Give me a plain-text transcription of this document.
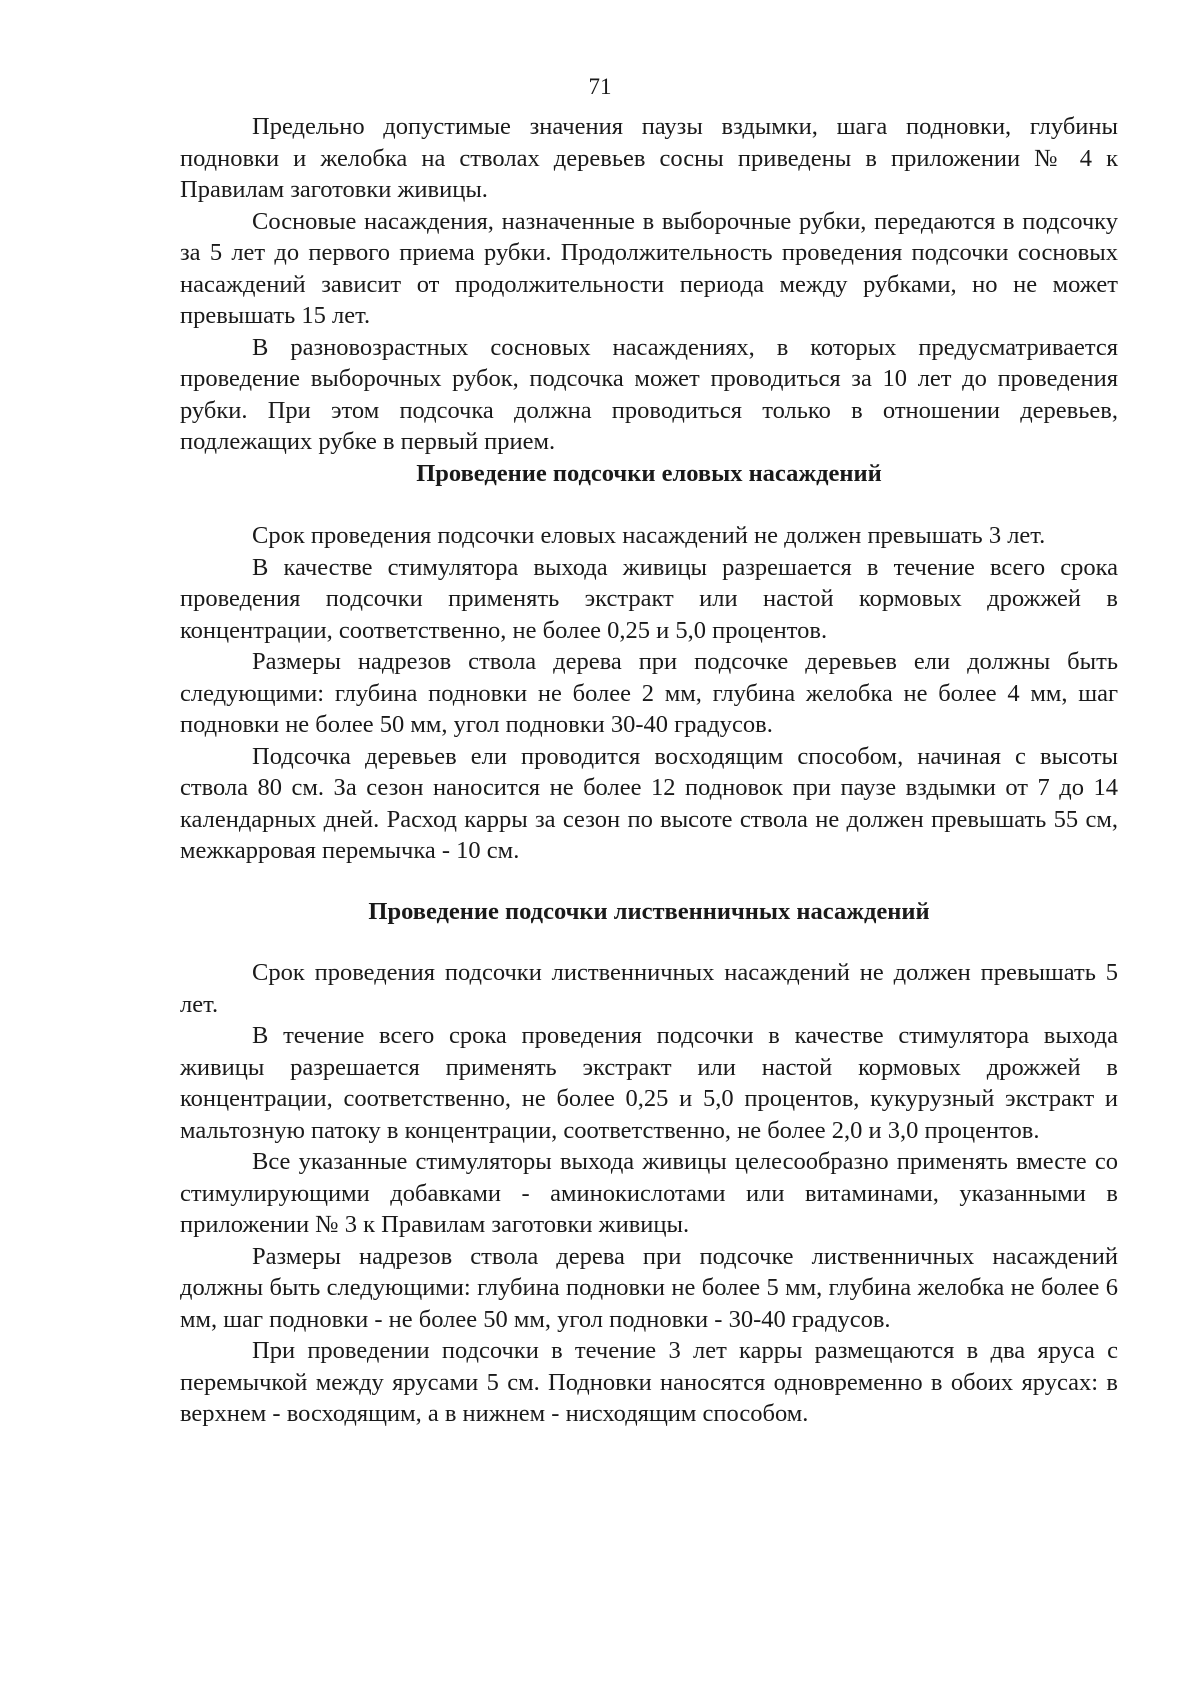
71

Предельно допустимые значения паузы вздымки, шага подновки, глубины подновки и желобка на стволах деревьев сосны приведены в приложении № 4 к Правилам заготовки живицы.

Сосновые насаждения, назначенные в выборочные рубки, передаются в подсочку за 5 лет до первого приема рубки. Продолжительность проведения подсочки сосновых насаждений зависит от продолжительности периода между рубками, но не может превышать 15 лет.

В разновозрастных сосновых насаждениях, в которых предусматривается проведение выборочных рубок, подсочка может проводиться за 10 лет до проведения рубки. При этом подсочка должна проводиться только в отношении деревьев, подлежащих рубке в первый прием.

Проведение подсочки еловых насаждений

Срок проведения подсочки еловых насаждений не должен превышать 3 лет.

В качестве стимулятора выхода живицы разрешается в течение всего срока проведения подсочки применять экстракт или настой кормовых дрожжей в концентрации, соответственно, не более 0,25 и 5,0 процентов.

Размеры надрезов ствола дерева при подсочке деревьев ели должны быть следующими: глубина подновки не более 2 мм, глубина желобка не более 4 мм, шаг подновки не более 50 мм, угол подновки 30-40 градусов.

Подсочка деревьев ели проводится восходящим способом, начиная с высоты ствола 80 см. За сезон наносится не более 12 подновок при паузе вздымки от 7 до 14 календарных дней. Расход карры за сезон по высоте ствола не должен превышать 55 см, межкарровая перемычка - 10 см.

Проведение подсочки лиственничных насаждений

Срок проведения подсочки лиственничных насаждений не должен превышать 5 лет.

В течение всего срока проведения подсочки в качестве стимулятора выхода живицы разрешается применять экстракт или настой кормовых дрожжей в концентрации, соответственно, не более 0,25 и 5,0 процентов, кукурузный экстракт и мальтозную патоку в концентрации, соответственно, не более 2,0 и 3,0 процентов.

Все указанные стимуляторы выхода живицы целесообразно применять вместе со стимулирующими добавками - аминокислотами или витаминами, указанными в приложении № 3 к Правилам заготовки живицы.

Размеры надрезов ствола дерева при подсочке лиственничных насаждений должны быть следующими: глубина подновки не более 5 мм, глубина желобка не более 6 мм, шаг подновки - не более 50 мм, угол подновки - 30-40 градусов.

При проведении подсочки в течение 3 лет карры размещаются в два яруса с перемычкой между ярусами 5 см. Подновки наносятся одновременно в обоих ярусах: в верхнем - восходящим, а в нижнем - нисходящим способом.
